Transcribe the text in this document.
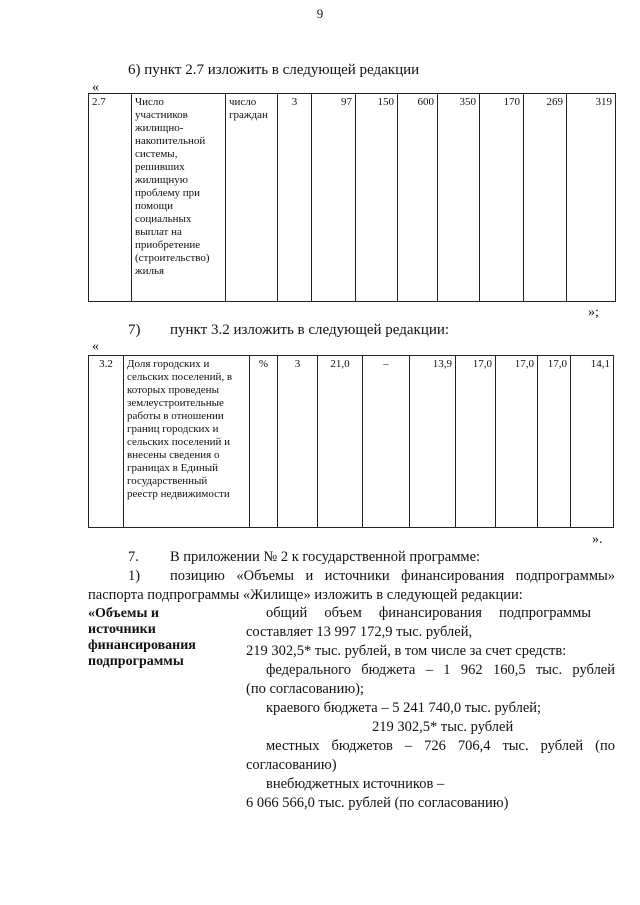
9
6) пункт 2.7 изложить в следующей редакции
«
2.7	Число
участников
жилищно-
накопительной
системы,
решивших
жилищную
проблему при
помощи
социальных
выплат на
приобретение
(строительство)
жилья

число
граждан
	3	97	150	600	350	170	269	319
»;
7) пункт 3.2 изложить в следующей редакции:
«
3.2	Доля городских и
сельских поселений, в
которых проведены
землеустроительные
работы в отношении
границ городских и
сельских поселений и
внесены сведения о
границах в Единый
государственный
реестр недвижимости
	%	3	21,0	–	13,9	17,0	17,0	17,0	14,1
».
7. В приложении № 2 к государственной программе:
1) позицию «Объемы и источники финансирования подпрограммы»
паспорта подпрограммы «Жилище» изложить в следующей редакции:
«Объемы и
источники
финансирования
подпрограммы
общий объем финансирования подпрограммы
составляет 13 997 172,9 тыс. рублей,
219 302,5* тыс. рублей, в том числе за счет средств:
федерального бюджета – 1 962 160,5 тыс. рублей
(по согласованию);
краевого бюджета – 5 241 740,0 тыс. рублей;
219 302,5* тыс. рублей
местных бюджетов – 726 706,4 тыс. рублей (по
согласованию)
внебюджетных источников –
6 066 566,0 тыс. рублей (по согласованию)
